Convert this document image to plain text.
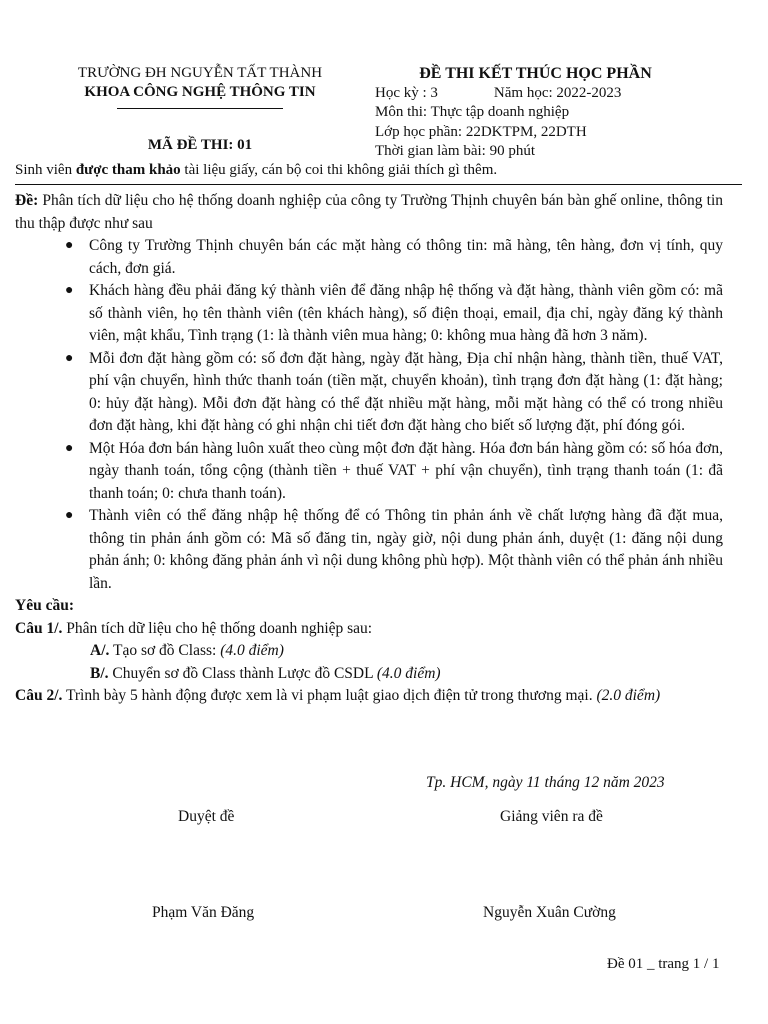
TRƯỜNG ĐH NGUYỄN TẤT THÀNH
KHOA CÔNG NGHỆ THÔNG TIN
MÃ ĐỀ THI: 01
ĐỀ THI KẾT THÚC HỌC PHẦN
Học kỳ : 3	Năm học: 2022-2023
Môn thi: Thực tập doanh nghiệp
Lớp học phần: 22DKTPM, 22DTH
Thời gian làm bài: 90 phút
Sinh viên được tham khảo tài liệu giấy, cán bộ coi thi không giải thích gì thêm.

Đề: Phân tích dữ liệu cho hệ thống doanh nghiệp của công ty Trường Thịnh chuyên bán bàn ghế online, thông tin thu thập được như sau

● Công ty Trường Thịnh chuyên bán các mặt hàng có thông tin: mã hàng, tên hàng, đơn vị tính, quy cách, đơn giá.
● Khách hàng đều phải đăng ký thành viên để đăng nhập hệ thống và đặt hàng, thành viên gồm có: mã số thành viên, họ tên thành viên (tên khách hàng), số điện thoại, email, địa chỉ, ngày đăng ký thành viên, mật khẩu, Tình trạng (1: là thành viên mua hàng; 0: không mua hàng đã hơn 3 năm).
● Mỗi đơn đặt hàng gồm có: số đơn đặt hàng, ngày đặt hàng, Địa chỉ nhận hàng, thành tiền, thuế VAT, phí vận chuyển, hình thức thanh toán (tiền mặt, chuyển khoản), tình trạng đơn đặt hàng (1: đặt hàng; 0: hủy đặt hàng). Mỗi đơn đặt hàng có thể đặt nhiều mặt hàng, mỗi mặt hàng có thể có trong nhiều đơn đặt hàng, khi đặt hàng có ghi nhận chi tiết đơn đặt hàng cho biết số lượng đặt, phí đóng gói.
● Một Hóa đơn bán hàng luôn xuất theo cùng một đơn đặt hàng. Hóa đơn bán hàng gồm có: số hóa đơn, ngày thanh toán, tổng cộng (thành tiền + thuế VAT + phí vận chuyển), tình trạng thanh toán (1: đã thanh toán; 0: chưa thanh toán).
● Thành viên có thể đăng nhập hệ thống để có Thông tin phản ánh về chất lượng hàng đã đặt mua, thông tin phản ánh gồm có: Mã số đăng tin, ngày giờ, nội dung phản ánh, duyệt (1: đăng nội dung phản ánh; 0: không đăng phản ánh vì nội dung không phù hợp). Một thành viên có thể phản ánh nhiều lần.

Yêu cầu:

Câu 1/. Phân tích dữ liệu cho hệ thống doanh nghiệp sau:

A/. Tạo sơ đồ Class: (4.0 điểm)

B/. Chuyển sơ đồ Class thành Lược đồ CSDL (4.0 điểm)

Câu 2/. Trình bày 5 hành động được xem là vi phạm luật giao dịch điện tử trong thương mại. (2.0 điểm)

Tp. HCM, ngày 11 tháng 12 năm 2023
Duyệt đề	Giảng viên ra đề
Phạm Văn Đăng	Nguyễn Xuân Cường
Đề 01 _ trang 1 / 1
